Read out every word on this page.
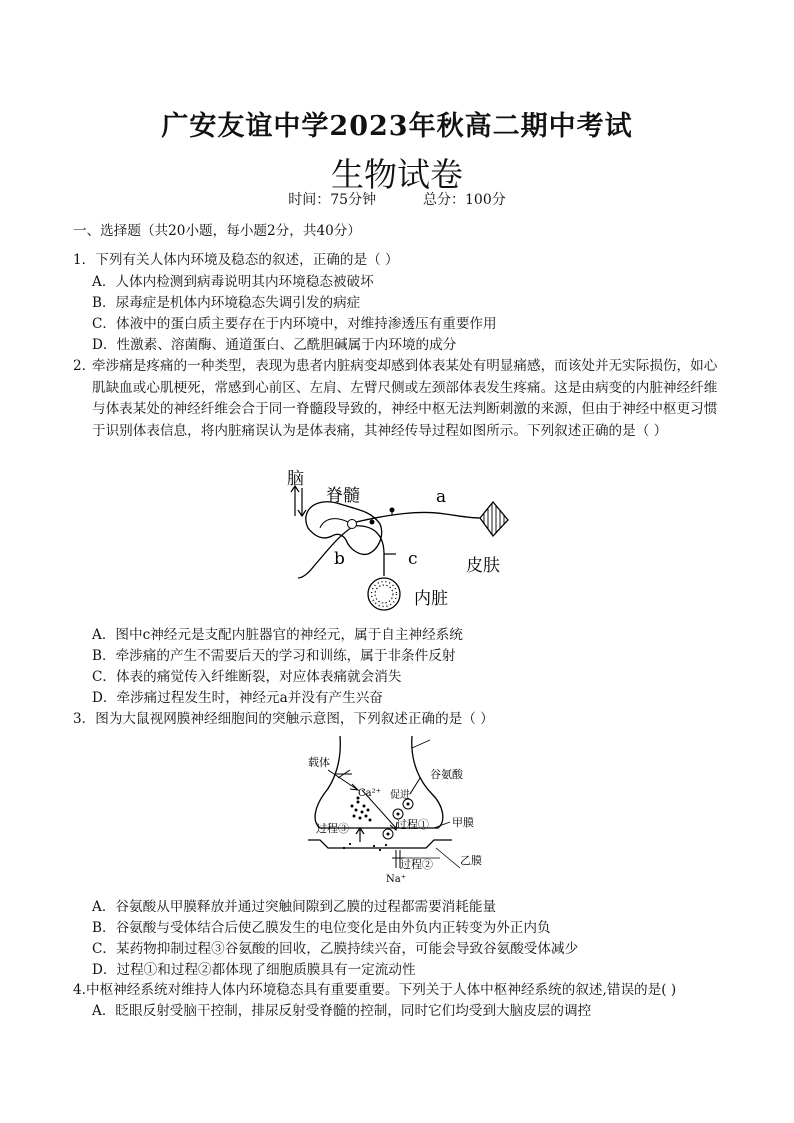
广安友谊中学2023年秋高二期中考试
生物试卷
时间：75分钟	总分：100分
一、选择题（共20小题，每小题2分，共40分）
1．下列有关人体内环境及稳态的叙述，正确的是（ ）
A．人体内检测到病毒说明其内环境稳态被破坏
B．尿毒症是机体内环境稳态失调引发的病症
C．体液中的蛋白质主要存在于内环境中，对维持渗透压有重要作用
D．性激素、溶菌酶、通道蛋白、乙酰胆碱属于内环境的成分
2．
牵涉痛是疼痛的一种类型，表现为患者内脏病变却感到体表某处有明显痛感，而该处并无实际损伤，如心肌缺血或心肌梗死，常感到心前区、左肩、左臂尺侧或左颈部体表发生疼痛。这是由病变的内脏神经纤维与体表某处的神经纤维会合于同一脊髓段导致的，神经中枢无法判断刺激的来源，但由于神经中枢更习惯于识别体表信息，将内脏痛误认为是体表痛，其神经传导过程如图所示。下列叙述正确的是（ ）
脑
脊髓	a
b	c	皮肤
内脏
A．图中c神经元是支配内脏器官的神经元，属于自主神经系统
B．牵涉痛的产生不需要后天的学习和训练，属于非条件反射
C．体表的痛觉传入纤维断裂，对应体表痛就会消失
D．牵涉痛过程发生时，神经元a并没有产生兴奋
3．图为大鼠视网膜神经细胞间的突触示意图，下列叙述正确的是（ ）
载体
谷氨酸
Ca²⁺ 促进
过程①
过程③	甲膜
过程② 乙膜
Na⁺
A．谷氨酸从甲膜释放并通过突触间隙到乙膜的过程都需要消耗能量
B．谷氨酸与受体结合后使乙膜发生的电位变化是由外负内正转变为外正内负
C．某药物抑制过程③谷氨酸的回收，乙膜持续兴奋，可能会导致谷氨酸受体减少
D．过程①和过程②都体现了细胞质膜具有一定流动性
4.中枢神经系统对维持人体内环境稳态具有重要重要。下列关于人体中枢神经系统的叙述,错误的是( )
A．眨眼反射受脑干控制，排尿反射受脊髓的控制，同时它们均受到大脑皮层的调控
